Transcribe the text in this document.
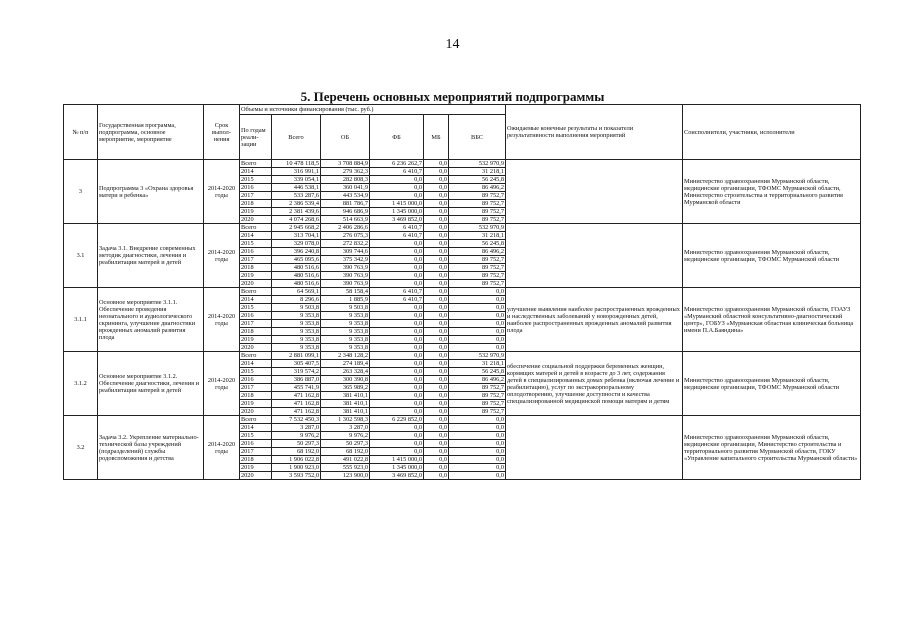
14
5. Перечень основных мероприятий подпрограммы
№ п/п	Государственная программа, подпрограмма, основное мероприятие, мероприятие	Срок выпол-нения	Объемы и источники финансирования (тыс. руб.)						Ожидаемые конечные результаты и показатели результативности выполнения мероприятий	Соисполнители, участники, исполнители
			По годам реали-зации	Всего	ОБ	ФБ	МБ	ВБС		
3	Подпрограмма 3 «Охрана здоровья матери и ребенка»	2014-2020 годы	Всего	10 478 118,5	3 708 884,9	6 236 262,7	0,0	532 970,9		Министерство здравоохранения Мурманской области, медицинские организации, ТФОМС Мурманской области, Министерство строительства и территориального развития Мурманской области
			2014	316 991,1	279 362,3	6 410,7	0,0	31 218,1		
			2015	339 054,1	282 808,3	0,0	0,0	56 245,8		
			2016	446 538,1	360 041,9	0,0	0,0	86 496,2		
			2017	533 287,6	443 534,9	0,0	0,0	89 752,7		
			2018	2 386 539,4	881 786,7	1 415 000,0	0,0	89 752,7		
			2019	2 381 439,6	946 686,9	1 345 000,0	0,0	89 752,7		
			2020	4 074 268,6	514 663,9	3 469 852,0	0,0	89 752,7		
3.1	Задача 3.1. Внедрение современных методик диагностики, лечения и реабилитации матерей и детей	2014-2020 годы	Всего	2 945 668,2	2 406 286,6	6 410,7	0,0	532 970,9		Министерство здравоохранения Мурманской области, медицинские организации, ТФОМС Мурманской области
			2014	313 704,1	276 075,3	6 410,7	0,0	31 218,1		
			2015	329 078,0	272 832,2	0,0	0,0	56 245,8		
			2016	396 240,8	309 744,6	0,0	0,0	86 496,2		
			2017	465 095,6	375 342,9	0,0	0,0	89 752,7		
			2018	480 516,6	390 763,9	0,0	0,0	89 752,7		
			2019	480 516,6	390 763,9	0,0	0,0	89 752,7		
			2020	480 516,6	390 763,9	0,0	0,0	89 752,7		
3.1.1	Основное мероприятие 3.1.1. Обеспечение проведения неонатального и аудиологического скрининга, улучшение диагностики врожденных аномалий развития плода	2014-2020 годы	Всего	64 569,1	58 158,4	6 410,7	0,0	0,0	улучшение выявления наиболее распространенных врожденных и наследственных заболеваний у новорожденных детей, наиболее распространенных врожденных аномалий развития плода	Министерство здравоохранения Мурманской области, ГОАУЗ «Мурманский областной консультативно-диагностический центр», ГОБУЗ «Мурманская областная клиническая больница имени П.А.Баяндина»
			2014	8 296,6	1 885,9	6 410,7	0,0	0,0		
			2015	9 503,8	9 503,8	0,0	0,0	0,0		
			2016	9 353,8	9 353,8	0,0	0,0	0,0		
			2017	9 353,8	9 353,8	0,0	0,0	0,0		
			2018	9 353,8	9 353,8	0,0	0,0	0,0		
			2019	9 353,8	9 353,8	0,0	0,0	0,0		
			2020	9 353,8	9 353,8	0,0	0,0	0,0		
3.1.2	Основное мероприятие 3.1.2. Обеспечение диагностики, лечения и реабилитации матерей и детей	2014-2020 годы	Всего	2 881 099,1	2 348 128,2	0,0	0,0	532 970,9	обеспечение социальной поддержки беременных женщин, кормящих матерей и детей в возрасте до 3 лет, содержания детей в специализированных домах ребенка (включая лечение и реабилитацию), услуг по экстракорпоральному оплодотворению, улучшение доступности и качества специализированной медицинской помощи матерям и детям	Министерство здравоохранения Мурманской области, медицинские организации, ТФОМС Мурманской области
			2014	305 407,5	274 189,4	0,0	0,0	31 218,1		
			2015	319 574,2	263 328,4	0,0	0,0	56 245,8		
			2016	386 887,0	300 390,8	0,0	0,0	86 496,2		
			2017	455 741,9	365 989,2	0,0	0,0	89 752,7		
			2018	471 162,8	381 410,1	0,0	0,0	89 752,7		
			2019	471 162,8	381 410,1	0,0	0,0	89 752,7		
			2020	471 162,8	381 410,1	0,0	0,0	89 752,7		
3.2	Задача 3.2. Укрепление материально-технической базы учреждений (подразделений) службы родовспоможения и детства	2014-2020 годы	Всего	7 532 450,3	1 302 598,3	6 229 852,0	0,0	0,0		Министерство здравоохранения Мурманской области, медицинские организации, Министерство строительства и территориального развития Мурманской области, ГОКУ «Управление капитального строительства Мурманской области»
			2014	3 287,0	3 287,0	0,0	0,0	0,0		
			2015	9 976,2	9 976,2	0,0	0,0	0,0		
			2016	50 297,3	50 297,3	0,0	0,0	0,0		
			2017	68 192,0	68 192,0	0,0	0,0	0,0		
			2018	1 906 022,8	491 022,8	1 415 000,0	0,0	0,0		
			2019	1 900 923,0	555 923,0	1 345 000,0	0,0	0,0		
			2020	3 593 752,0	123 900,0	3 469 852,0	0,0	0,0		
